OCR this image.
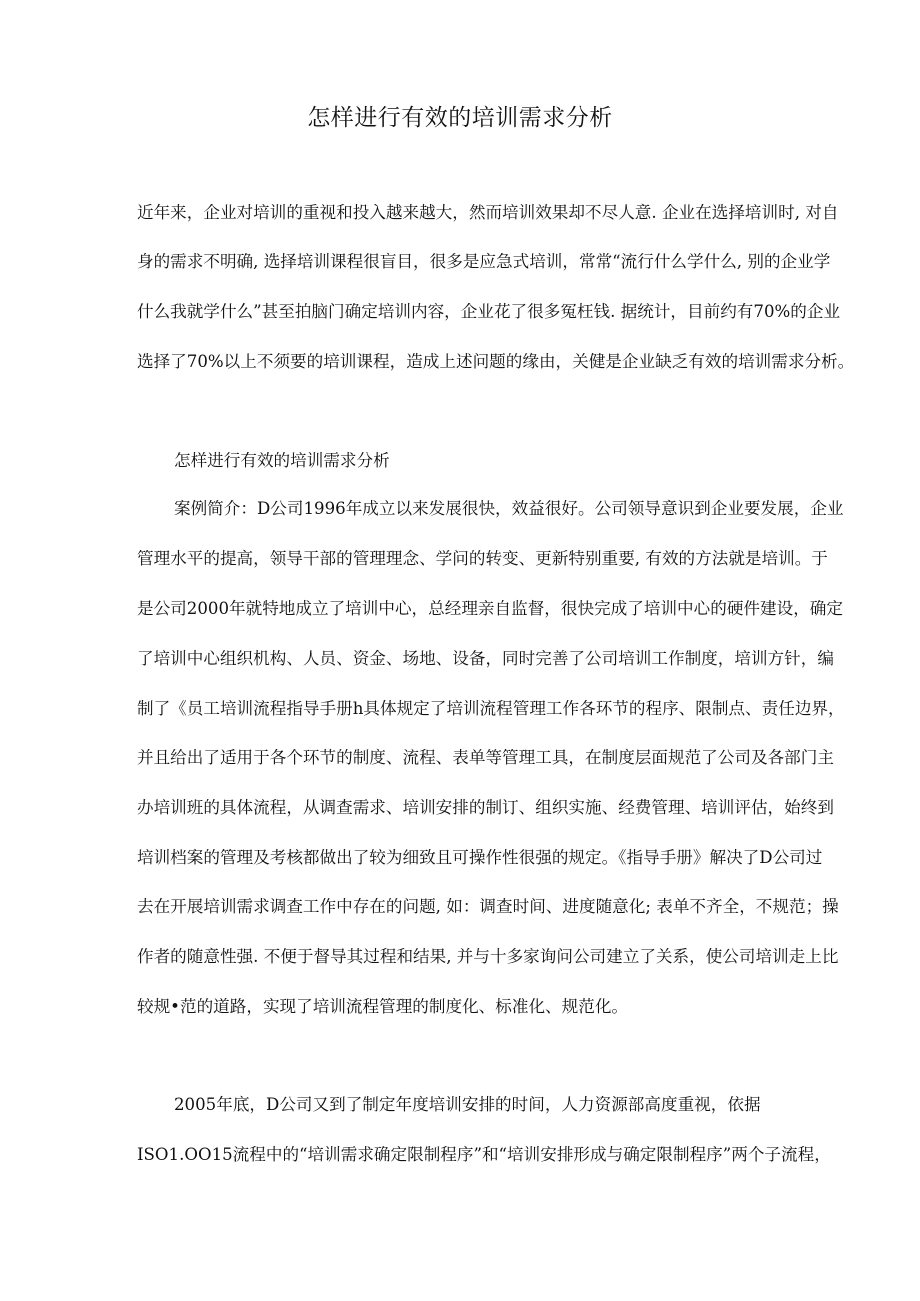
怎样进行有效的培训需求分析
近年来，企业对培训的重视和投入越来越大，然而培训效果却不尽人意. 企业在选择培训时, 对自
身的需求不明确, 选择培训课程很盲目，很多是应急式培训，常常“流行什么学什么, 别的企业学
什么我就学什么”甚至拍脑门确定培训内容，企业花了很多冤枉钱. 据统计，目前约有70%的企业
选择了70%以上不须要的培训课程，造成上述问题的缘由，关健是企业缺乏有效的培训需求分析。
怎样进行有效的培训需求分析
案例简介：D公司1996年成立以来发展很快，效益很好。公司领导意识到企业要发展，企业
管理水平的提高，领导干部的管理理念、学问的转变、更新特别重要, 有效的方法就是培训。于
是公司2000年就特地成立了培训中心，总经理亲自监督，很快完成了培训中心的硬件建设，确定
了培训中心组织机构、人员、资金、场地、设备，同时完善了公司培训工作制度，培训方针，编
制了《员工培训流程指导手册h具体规定了培训流程管理工作各环节的程序、限制点、责任边界，
并且给出了适用于各个环节的制度、流程、表单等管理工具，在制度层面规范了公司及各部门主
办培训班的具体流程，从调查需求、培训安排的制订、组织实施、经费管理、培训评估，始终到
培训档案的管理及考核都做出了较为细致且可操作性很强的规定。《指导手册》解决了D公司过
去在开展培训需求调查工作中存在的问题, 如：调查时间、进度随意化; 表单不齐全，不规范；操
作者的随意性强. 不便于督导其过程和结果, 并与十多家询问公司建立了关系，使公司培训走上比
较规•范的道路，实现了培训流程管理的制度化、标准化、规范化。
2005年底，D公司又到了制定年度培训安排的时间，人力资源部高度重视，依据
ISO1.OO15流程中的“培训需求确定限制程序”和“培训安排形成与确定限制程序”两个子流程，
